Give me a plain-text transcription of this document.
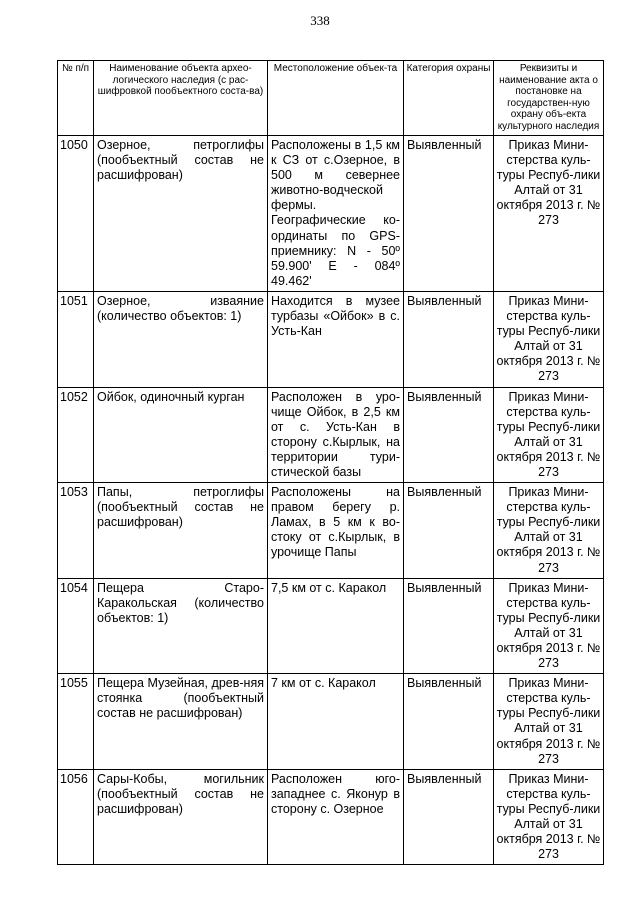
338
№ п/п	Наименование объекта архео-логического наследия (с рас-шифровкой пообъектного соста-ва)	Местоположение объек-та	Категория охраны	Реквизиты и наименование акта о постановке на государствен-ную охрану объ-екта культурного наследия
1050	Озерное, петроглифы (пообъектный состав не расшифрован)	Расположены в 1,5 км к СЗ от с.Озерное, в 500 м севернее животно-водческой фермы. Географические ко-ординаты по GPS-приемнику: N - 50º 59.900' Е - 084º 49.462'	Выявленный	Приказ Мини-стерства куль-туры Респуб-лики Алтай от 31 октября 2013 г. № 273
1051	Озерное, изваяние (количество объектов: 1)	Находится в музее турбазы «Ойбок» в с. Усть-Кан	Выявленный	Приказ Мини-стерства куль-туры Респуб-лики Алтай от 31 октября 2013 г. № 273
1052	Ойбок, одиночный курган	Расположен в уро-чище Ойбок, в 2,5 км от с. Усть-Кан в сторону с.Кырлык, на территории тури-стической базы	Выявленный	Приказ Мини-стерства куль-туры Респуб-лики Алтай от 31 октября 2013 г. № 273
1053	Папы, петроглифы (пообъектный состав не расшифрован)	Расположены на правом берегу р. Ламах, в 5 км к во-стоку от с.Кырлык, в урочище Папы	Выявленный	Приказ Мини-стерства куль-туры Респуб-лики Алтай от 31 октября 2013 г. № 273
1054	Пещера Старо-Каракольская (количество объектов: 1)	7,5 км от с. Каракол	Выявленный	Приказ Мини-стерства куль-туры Респуб-лики Алтай от 31 октября 2013 г. № 273
1055	Пещера Музейная, древ-няя стоянка (пообъектный состав не расшифрован)	7 км от с. Каракол	Выявленный	Приказ Мини-стерства куль-туры Респуб-лики Алтай от 31 октября 2013 г. № 273
1056	Сары-Кобы, могильник (пообъектный состав не расшифрован)	Расположен юго-западнее с. Яконур в сторону с. Озерное	Выявленный	Приказ Мини-стерства куль-туры Респуб-лики Алтай от 31 октября 2013 г. № 273
